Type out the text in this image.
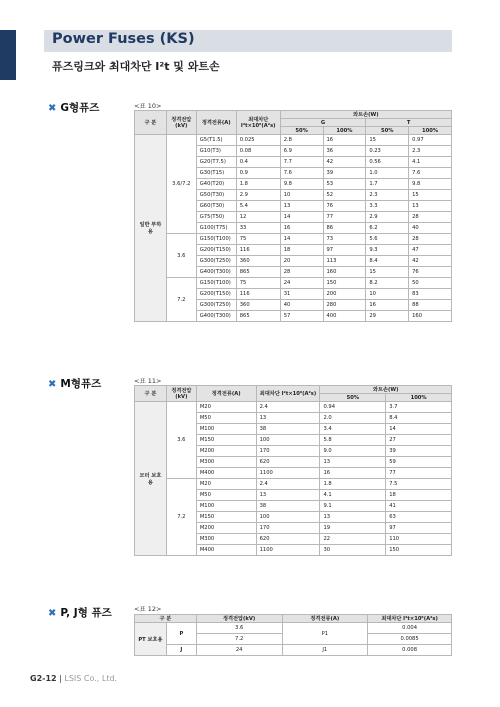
Power Fuses (KS)
퓨즈링크와 최대차단 I²t 및 와트손
✖ G형퓨즈	<표 10>
구 분	정격전압 (kV)	정격전류(A)	최대차단 I²t×10⁶(A²s)	와트손(W)			
				G		T	
				50%	100%	50%	100%
일반 부하용	3.6/7.2	G5(T1.5)	0.025	2.8	16	15	0.97
		G10(T3)	0.08	6.9	36	0.23	2.3
		G20(T7.5)	0.4	7.7	42	0.56	4.1
		G30(T15)	0.9	7.6	39	1.0	7.6
		G40(T20)	1.8	9.8	53	1.7	9.8
		G50(T30)	2.9	10	52	2.3	15
		G60(T30)	5.4	13	76	3.3	13
		G75(T50)	12	14	77	2.9	28
		G100(T75)	33	16	86	6.2	40
	3.6	G150(T100)	75	14	73	5.6	28
		G200(T150)	116	18	97	9.3	47
		G300(T250)	360	20	113	8.4	42
		G400(T300)	865	28	160	15	76
	7.2	G150(T100)	75	24	150	8.2	50
		G200(T150)	116	31	200	10	83
		G300(T250)	360	40	280	16	88
		G400(T300)	865	57	400	29	160
✖ M형퓨즈	<표 11>
구 분	정격전압 (kV)	정격전류(A)	최대차단 I²t×10⁶(A²s)	와트손(W)	
				50%	100%
모터 보호용	3.6	M20	2.4	0.94	3.7
		M50	13	2.0	8.4
		M100	38	3.4	14
		M150	100	5.8	27
		M200	170	9.0	39
		M300	620	13	59
		M400	1100	16	77
	7.2	M20	2.4	1.8	7.5
		M50	13	4.1	18
		M100	38	9.1	41
		M150	100	13	63
		M200	170	19	97
		M300	620	22	110
		M400	1100	30	150
✖ P, J형 퓨즈	<표 12>
구 분		정격전압(kV)	정격전류(A)	최대차단 I²t×10⁶(A²s)
PT 보호용	P	3.6	P1	0.004
		7.2		0.0085
	J	24	J1	0.008
G2-12 | LSIS Co., Ltd.
